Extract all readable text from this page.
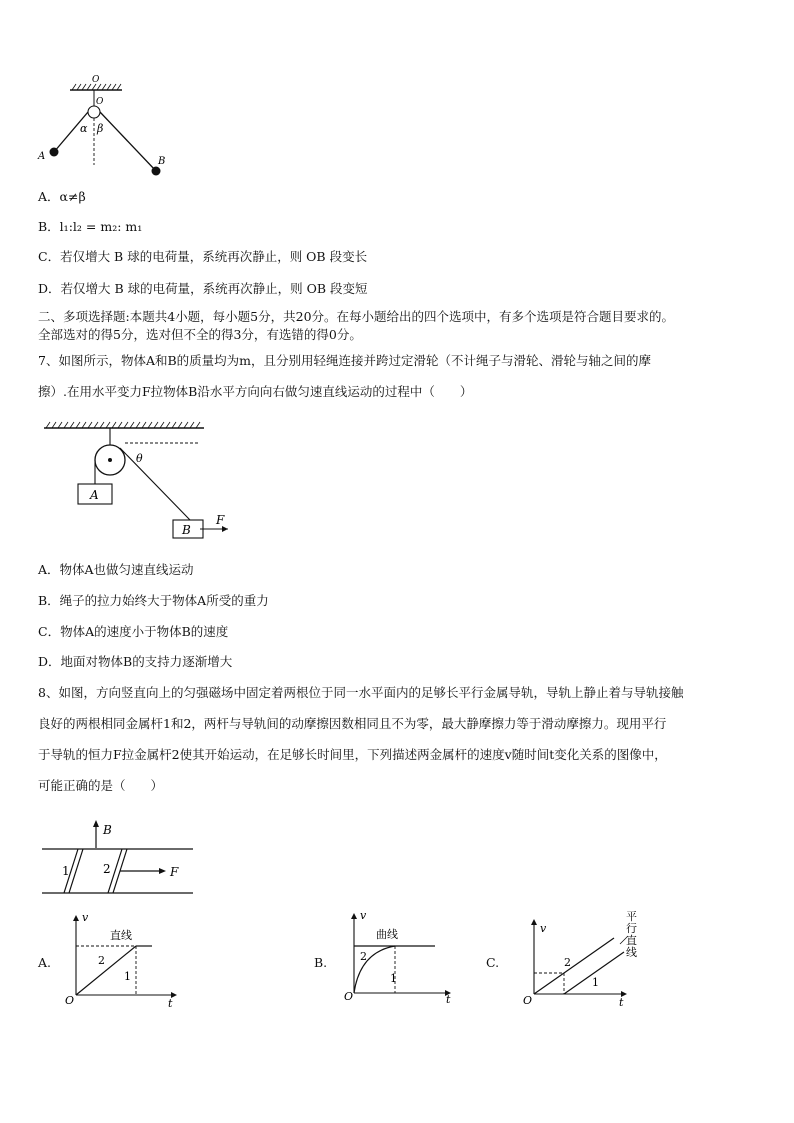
O
O
α β
A	B
A．α≠β
B．l₁:l₂ = m₂: m₁
C．若仅增大 B 球的电荷量，系统再次静止，则 OB 段变长
D．若仅增大 B 球的电荷量，系统再次静止，则 OB 段变短
二、多项选择题:本题共4小题，每小题5分，共20分。在每小题给出的四个选项中，有多个选项是符合题目要求的。
全部选对的得5分，选对但不全的得3分，有选错的得0分。
7、如图所示，物体A和B的质量均为m，且分别用轻绳连接并跨过定滑轮（不计绳子与滑轮、滑轮与轴之间的摩
擦）.在用水平变力F拉物体B沿水平方向向右做匀速直线运动的过程中（　　）
A
θ
B
F
A．物体A也做匀速直线运动
B．绳子的拉力始终大于物体A所受的重力
C．物体A的速度小于物体B的速度
D．地面对物体B的支持力逐渐增大
8、如图，方向竖直向上的匀强磁场中固定着两根位于同一水平面内的足够长平行金属导轨，导轨上静止着与导轨接触
良好的两根相同金属杆1和2，两杆与导轨间的动摩擦因数相同且不为零，最大静摩擦力等于滑动摩擦力。现用平行
于导轨的恒力F拉金属杆2使其开始运动，在足够长时间里，下列描述两金属杆的速度v随时间t变化关系的图像中，
可能正确的是（　　）
B
1	2	F
A.
v
t
O
直线
2
1
B.
v
t
O
曲线
2
1
C.
v
t
O
2
1
平
行
直
线
